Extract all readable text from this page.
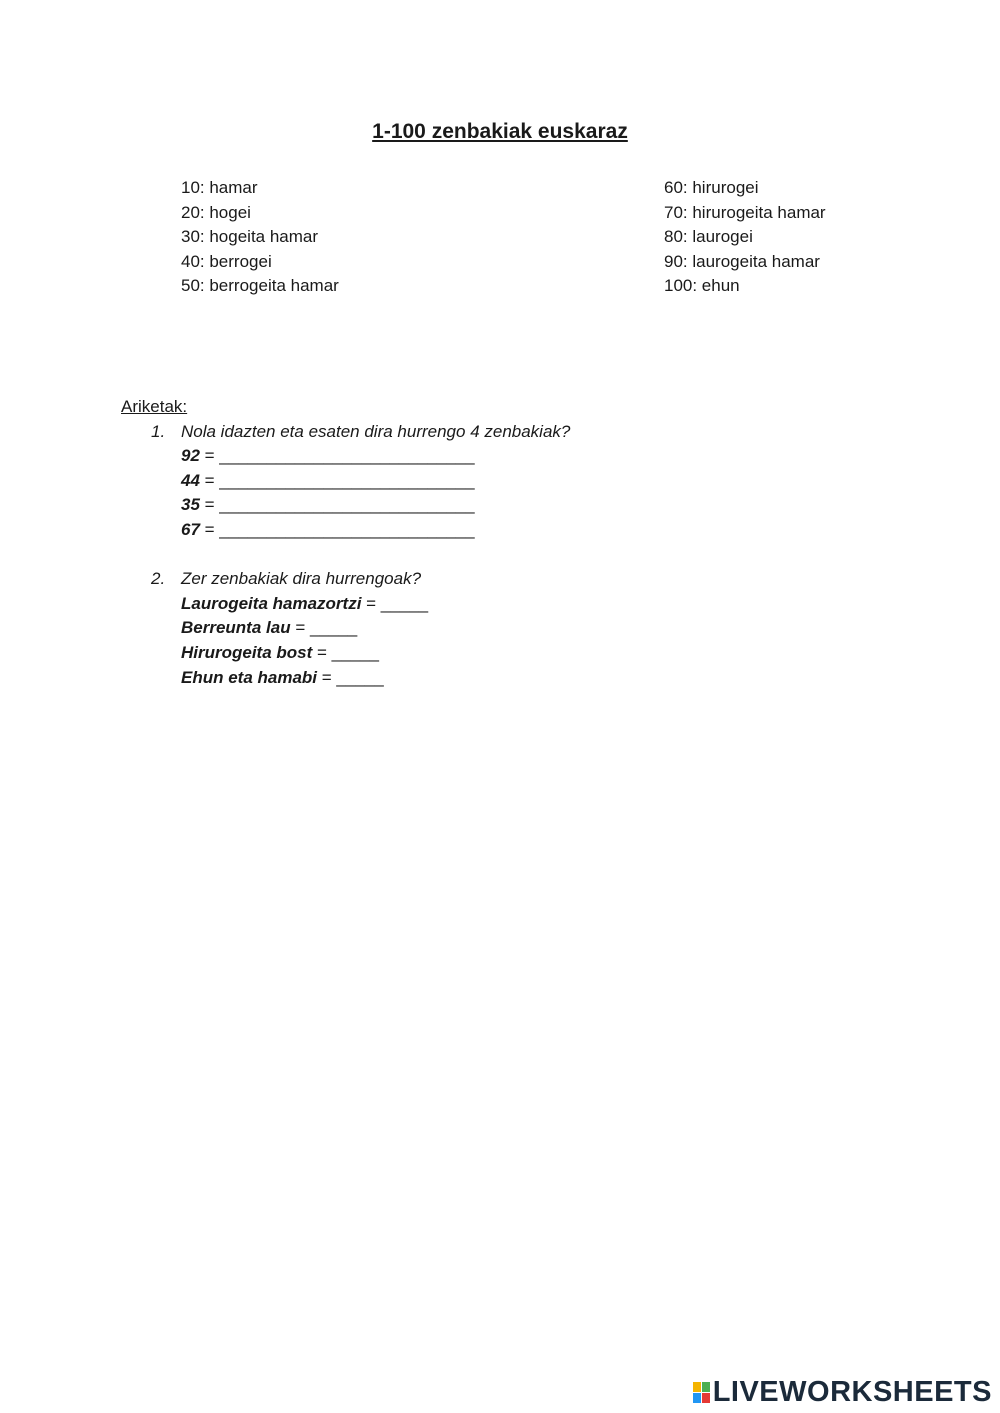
1-100 zenbakiak euskaraz
10: hamar
20: hogei
30: hogeita hamar
40: berrogei
50: berrogeita hamar
60: hirurogei
70: hirurogeita hamar
80: laurogei
90: laurogeita hamar
100: ehun
Ariketak:
1. Nola idazten eta esaten dira hurrengo 4 zenbakiak?
92 = ___________________________
44 = ___________________________
35 = ___________________________
67 = ___________________________
2. Zer zenbakiak dira hurrengoak?
Laurogeita hamazortzi = _____
Berreunta lau = _____
Hirurogeita bost = _____
Ehun eta hamabi = _____
LIVEWORKSHEETS
